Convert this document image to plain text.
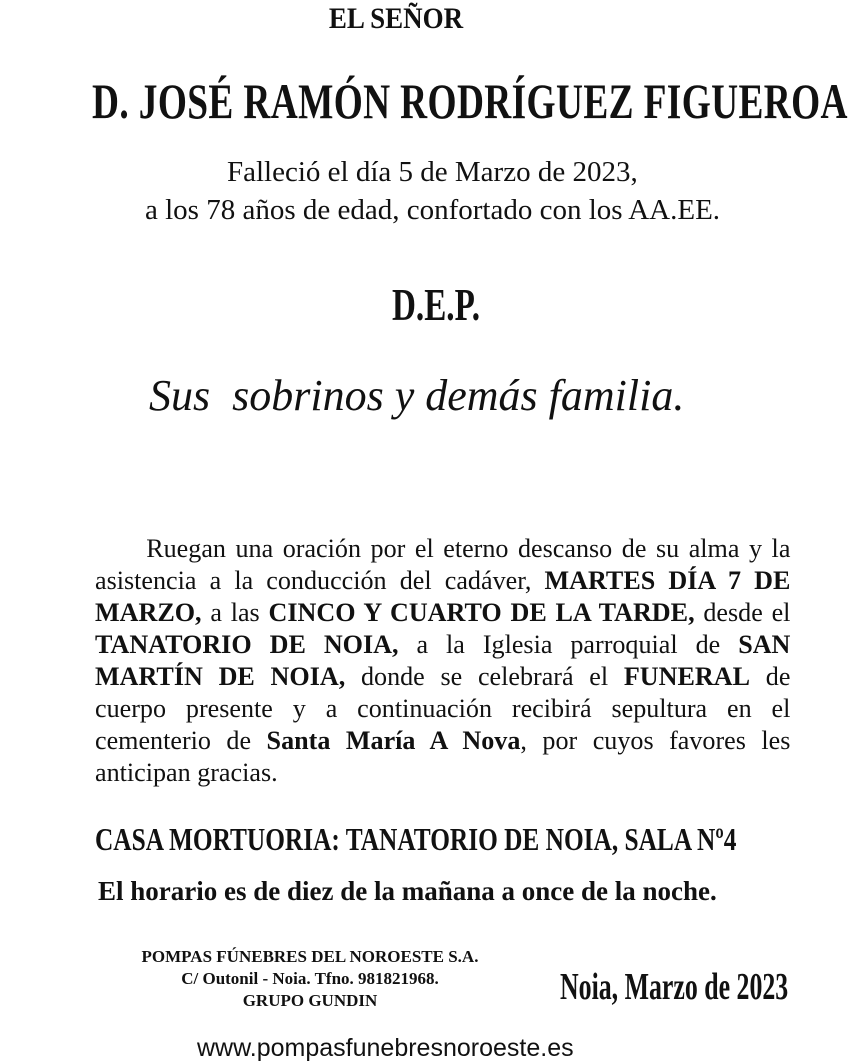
EL SEÑOR
D. JOSÉ RAMÓN RODRÍGUEZ FIGUEROA
Falleció el día 5 de Marzo de 2023,
a los 78 años de edad, confortado con los AA.EE.
D.E.P.
Sus  sobrinos y demás familia.
Ruegan una oración por el eterno descanso de su alma y la asistencia a la conducción del cadáver, MARTES DÍA 7 DE MARZO, a las CINCO Y CUARTO DE LA TARDE, desde el TANATORIO DE NOIA, a la Iglesia parroquial de SAN MARTÍN DE NOIA, donde se celebrará el FUNERAL de cuerpo presente y a continuación recibirá sepultura en el cementerio de Santa María A Nova, por cuyos favores les anticipan gracias.
CASA MORTUORIA: TANATORIO DE NOIA, SALA Nº4
El horario es de diez de la mañana a once de la noche.
POMPAS FÚNEBRES DEL NOROESTE S.A.
C/ Outonil - Noia. Tfno. 981821968.
GRUPO GUNDIN	Noia, Marzo de 2023
www.pompasfunebresnoroeste.es
